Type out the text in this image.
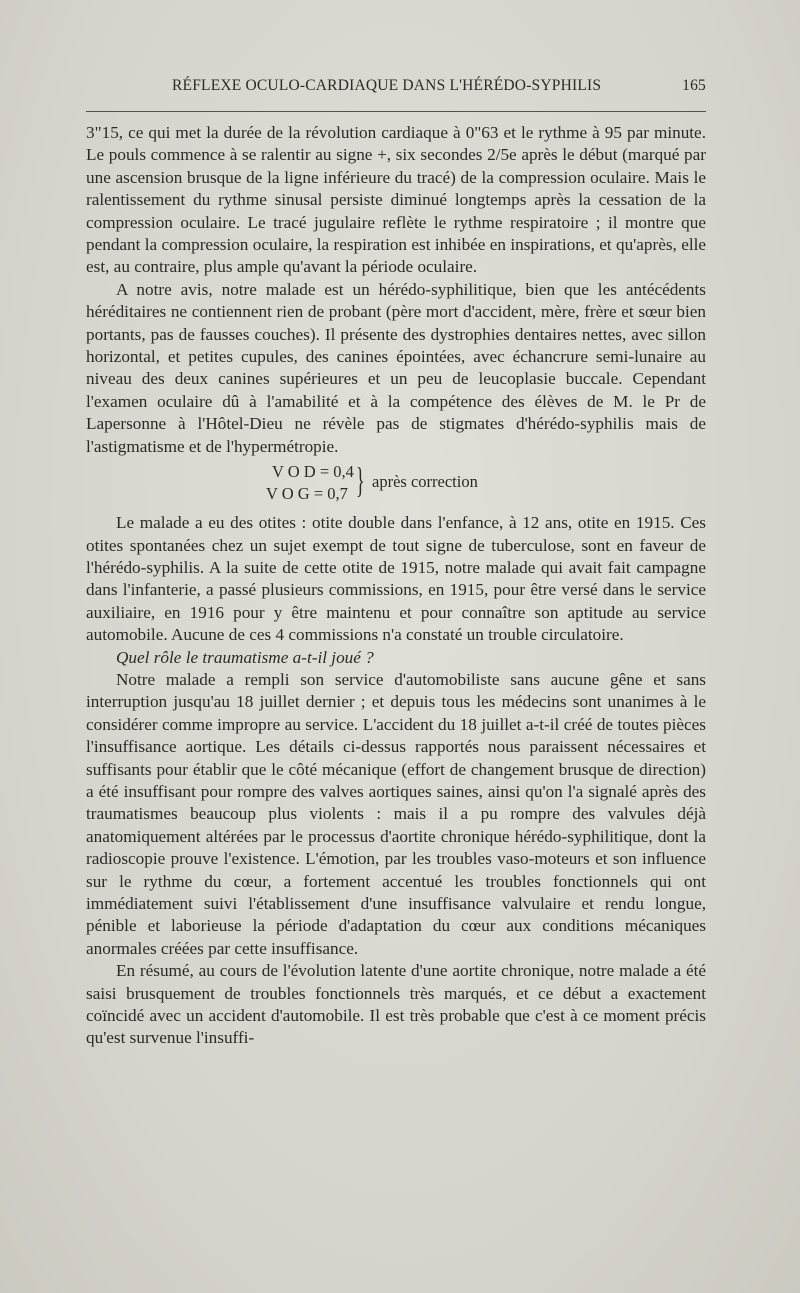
RÉFLEXE OCULO-CARDIAQUE DANS L'HÉRÉDO-SYPHILIS	165

3"15, ce qui met la durée de la révolution cardiaque à 0"63 et le rythme à 95 par minute. Le pouls commence à se ralentir au signe +, six secondes 2/5e après le début (marqué par une ascension brusque de la ligne inférieure du tracé) de la compression oculaire. Mais le ralentissement du rythme sinusal persiste diminué longtemps après la cessation de la compression oculaire. Le tracé jugulaire reflète le rythme respiratoire ; il montre que pendant la compression oculaire, la respiration est inhibée en inspirations, et qu'après, elle est, au contraire, plus ample qu'avant la période oculaire.

A notre avis, notre malade est un hérédo-syphilitique, bien que les antécédents héréditaires ne contiennent rien de probant (père mort d'accident, mère, frère et sœur bien portants, pas de fausses couches). Il présente des dystrophies dentaires nettes, avec sillon horizontal, et petites cupules, des canines épointées, avec échancrure semi-lunaire au niveau des deux canines supérieures et un peu de leucoplasie buccale. Cependant l'examen oculaire dû à l'amabilité et à la compétence des élèves de M. le Pr de Lapersonne à l'Hôtel-Dieu ne révèle pas de stigmates d'hérédo-syphilis mais de l'astigmatisme et de l'hypermétropie.

V O D = 0,4
V O G = 0,7 } après correction

Le malade a eu des otites : otite double dans l'enfance, à 12 ans, otite en 1915. Ces otites spontanées chez un sujet exempt de tout signe de tuberculose, sont en faveur de l'hérédo-syphilis. A la suite de cette otite de 1915, notre malade qui avait fait campagne dans l'infanterie, a passé plusieurs commissions, en 1915, pour être versé dans le service auxiliaire, en 1916 pour y être maintenu et pour connaître son aptitude au service automobile. Aucune de ces 4 commissions n'a constaté un trouble circulatoire.

Quel rôle le traumatisme a-t-il joué ?

Notre malade a rempli son service d'automobiliste sans aucune gêne et sans interruption jusqu'au 18 juillet dernier ; et depuis tous les médecins sont unanimes à le considérer comme impropre au service. L'accident du 18 juillet a-t-il créé de toutes pièces l'insuffisance aortique. Les détails ci-dessus rapportés nous paraissent nécessaires et suffisants pour établir que le côté mécanique (effort de changement brusque de direction) a été insuffisant pour rompre des valves aortiques saines, ainsi qu'on l'a signalé après des traumatismes beaucoup plus violents : mais il a pu rompre des valvules déjà anatomiquement altérées par le processus d'aortite chronique hérédo-syphilitique, dont la radioscopie prouve l'existence. L'émotion, par les troubles vaso-moteurs et son influence sur le rythme du cœur, a fortement accentué les troubles fonctionnels qui ont immédiatement suivi l'établissement d'une insuffisance valvulaire et rendu longue, pénible et laborieuse la période d'adaptation du cœur aux conditions mécaniques anormales créées par cette insuffisance.

En résumé, au cours de l'évolution latente d'une aortite chronique, notre malade a été saisi brusquement de troubles fonctionnels très marqués, et ce début a exactement coïncidé avec un accident d'automobile. Il est très probable que c'est à ce moment précis qu'est survenue l'insuffi-
